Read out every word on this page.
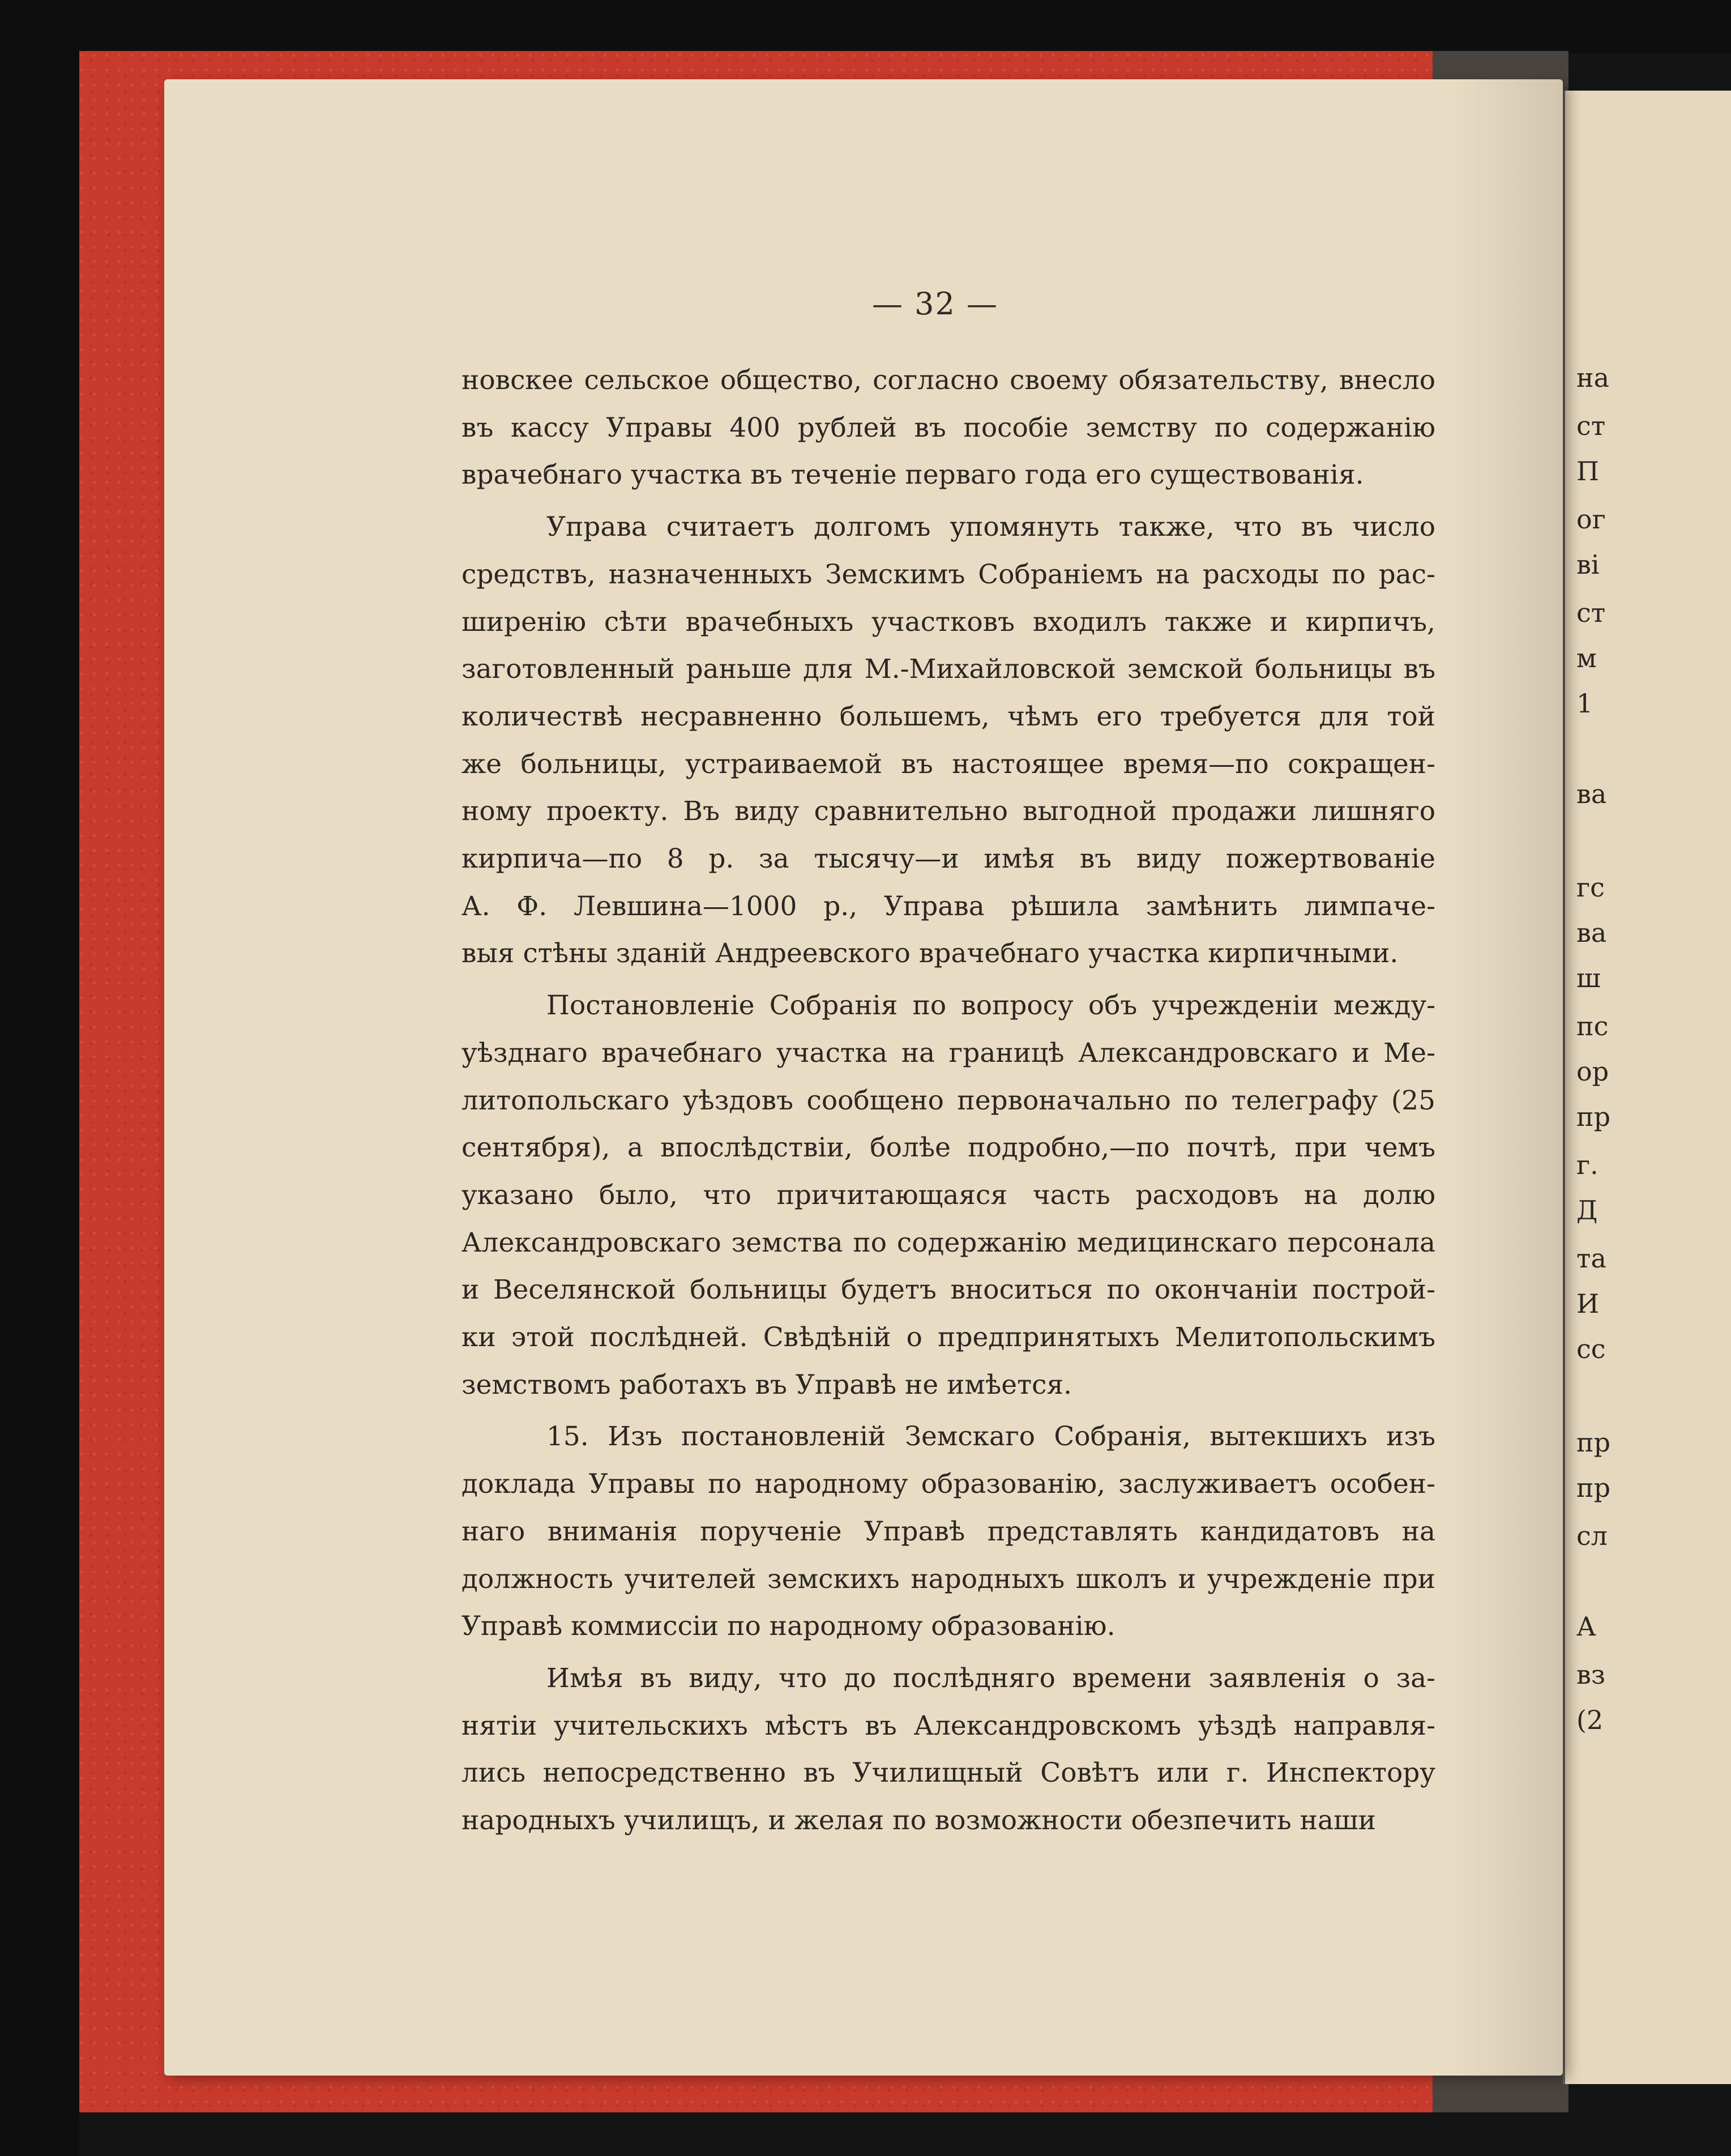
на
ст
П
ог
ві
ст
м
1
ва
гс
ва
ш
пс
ор
пр
г.
Д
та
И
сс
пр
пр
сл
А
вз
(2
— 32 —
новскее сельское общество, согласно своему обязательству, внесло
въ кассу Управы 400 рублей въ пособіе земству по содержанію
врачебнаго участка въ теченіе перваго года его существованія.
Управа считаетъ долгомъ упомянуть также, что въ число
средствъ, назначенныхъ Земскимъ Собраніемъ на расходы по рас-
ширенію сѣти врачебныхъ участковъ входилъ также и кирпичъ,
заготовленный раньше для М.-Михайловской земской больницы въ
количествѣ несравненно большемъ, чѣмъ его требуется для той
же больницы, устраиваемой въ настоящее время—по сокращен-
ному проекту. Въ виду сравнительно выгодной продажи лишняго
кирпича—по 8 р. за тысячу—и имѣя въ виду пожертвованіе
А. Ф. Левшина—1000 р., Управа рѣшила замѣнить лимпаче-
выя стѣны зданій Андреевского врачебнаго участка кирпичными.
Постановленіе Собранія по вопросу объ учрежденіи между-
уѣзднаго врачебнаго участка на границѣ Александровскаго и Ме-
литопольскаго уѣздовъ сообщено первоначально по телеграфу (25
сентября), а впослѣдствіи, болѣе подробно,—по почтѣ, при чемъ
указано было, что причитающаяся часть расходовъ на долю
Александровскаго земства по содержанію медицинскаго персонала
и Веселянской больницы будетъ вноситься по окончаніи построй-
ки этой послѣдней. Свѣдѣній о предпринятыхъ Мелитопольскимъ
земствомъ работахъ въ Управѣ не имѣется.
15. Изъ постановленій Земскаго Собранія, вытекшихъ изъ
доклада Управы по народному образованію, заслуживаетъ особен-
наго вниманія порученіе Управѣ представлять кандидатовъ на
должность учителей земскихъ народныхъ школъ и учрежденіе при
Управѣ коммиссіи по народному образованію.
Имѣя въ виду, что до послѣдняго времени заявленія о за-
нятіи учительскихъ мѣстъ въ Александровскомъ уѣздѣ направля-
лись непосредственно въ Училищный Совѣтъ или г. Инспектору
народныхъ училищъ, и желая по возможности обезпечить наши
